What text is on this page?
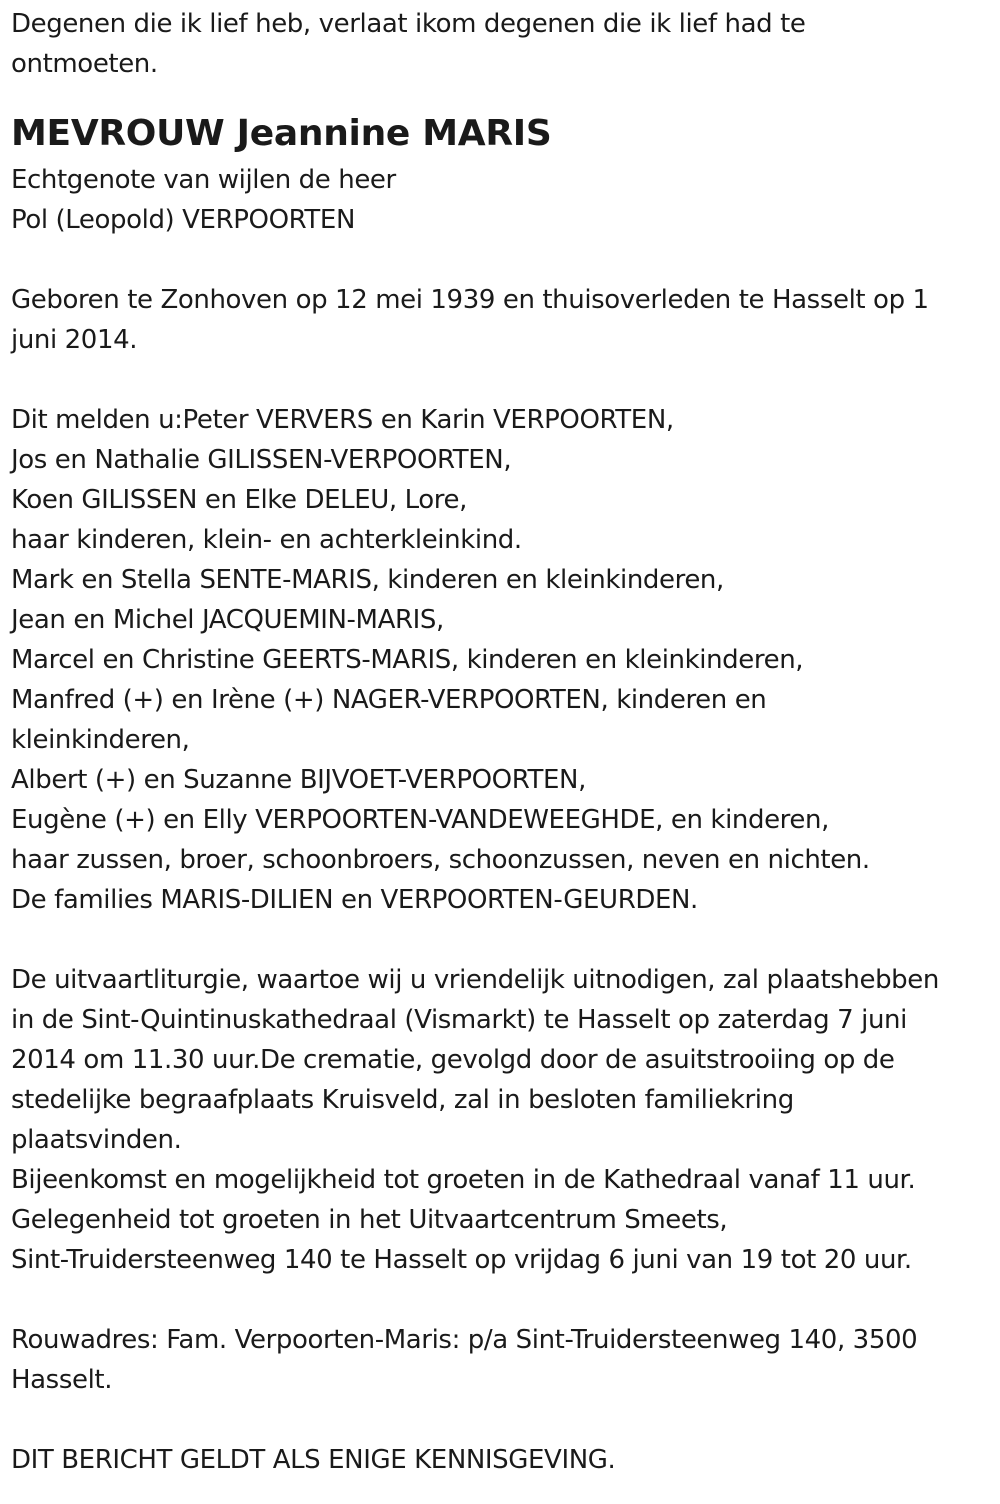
Degenen die ik lief heb, verlaat ikom degenen die ik lief had te
ontmoeten.
MEVROUW Jeannine MARIS
Echtgenote van wijlen de heer
Pol (Leopold) VERPOORTEN
Geboren te Zonhoven op 12 mei 1939 en thuisoverleden te Hasselt op 1
juni 2014.
Dit melden u:Peter VERVERS en Karin VERPOORTEN,
Jos en Nathalie GILISSEN-VERPOORTEN,
Koen GILISSEN en Elke DELEU, Lore,
haar kinderen, klein- en achterkleinkind.
Mark en Stella SENTE-MARIS, kinderen en kleinkinderen,
Jean en Michel JACQUEMIN-MARIS,
Marcel en Christine GEERTS-MARIS, kinderen en kleinkinderen,
Manfred (+) en Irène (+) NAGER-VERPOORTEN, kinderen en
kleinkinderen,
Albert (+) en Suzanne BIJVOET-VERPOORTEN,
Eugène (+) en Elly VERPOORTEN-VANDEWEEGHDE, en kinderen,
haar zussen, broer, schoonbroers, schoonzussen, neven en nichten.
De families MARIS-DILIEN en VERPOORTEN-GEURDEN.
De uitvaartliturgie, waartoe wij u vriendelijk uitnodigen, zal plaatshebben
in de Sint-Quintinuskathedraal (Vismarkt) te Hasselt op zaterdag 7 juni
2014 om 11.30 uur.De crematie, gevolgd door de asuitstrooiing op de
stedelijke begraafplaats Kruisveld, zal in besloten familiekring
plaatsvinden.
Bijeenkomst en mogelijkheid tot groeten in de Kathedraal vanaf 11 uur.
Gelegenheid tot groeten in het Uitvaartcentrum Smeets,
Sint-Truidersteenweg 140 te Hasselt op vrijdag 6 juni van 19 tot 20 uur.
Rouwadres: Fam. Verpoorten-Maris: p/a Sint-Truidersteenweg 140, 3500
Hasselt.
DIT BERICHT GELDT ALS ENIGE KENNISGEVING.
